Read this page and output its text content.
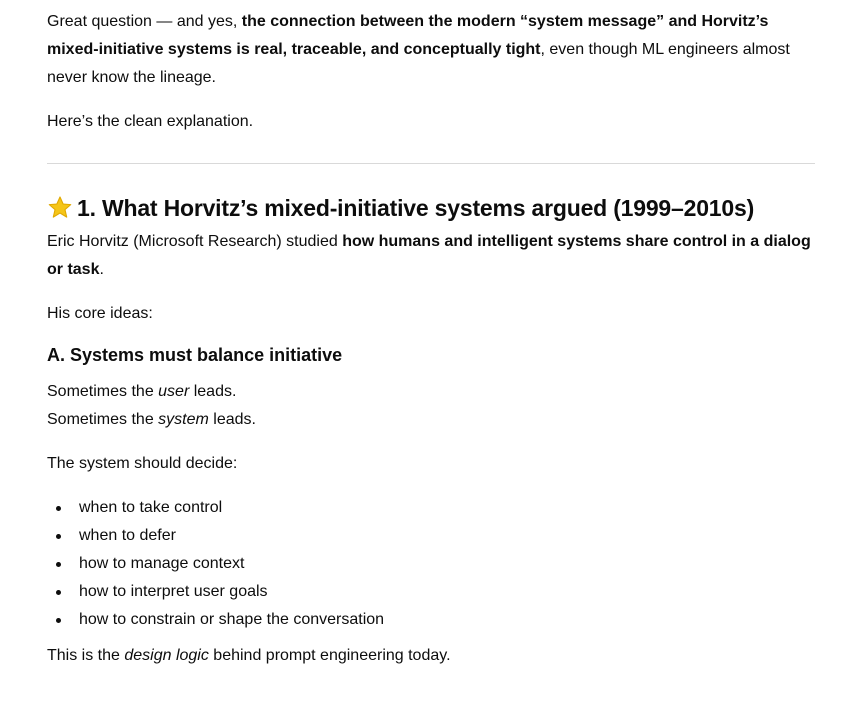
Great question — and yes, the connection between the modern “system message” and Horvitz’s mixed-initiative systems is real, traceable, and conceptually tight, even though ML engineers almost never know the lineage.

Here’s the clean explanation.

1. What Horvitz’s mixed-initiative systems argued (1999–2010s)

Eric Horvitz (Microsoft Research) studied how humans and intelligent systems share control in a dialog or task.

His core ideas:

A. Systems must balance initiative

Sometimes the user leads.

Sometimes the system leads.

The system should decide:

when to take control
when to defer
how to manage context
how to interpret user goals
how to constrain or shape the conversation

This is the design logic behind prompt engineering today.
